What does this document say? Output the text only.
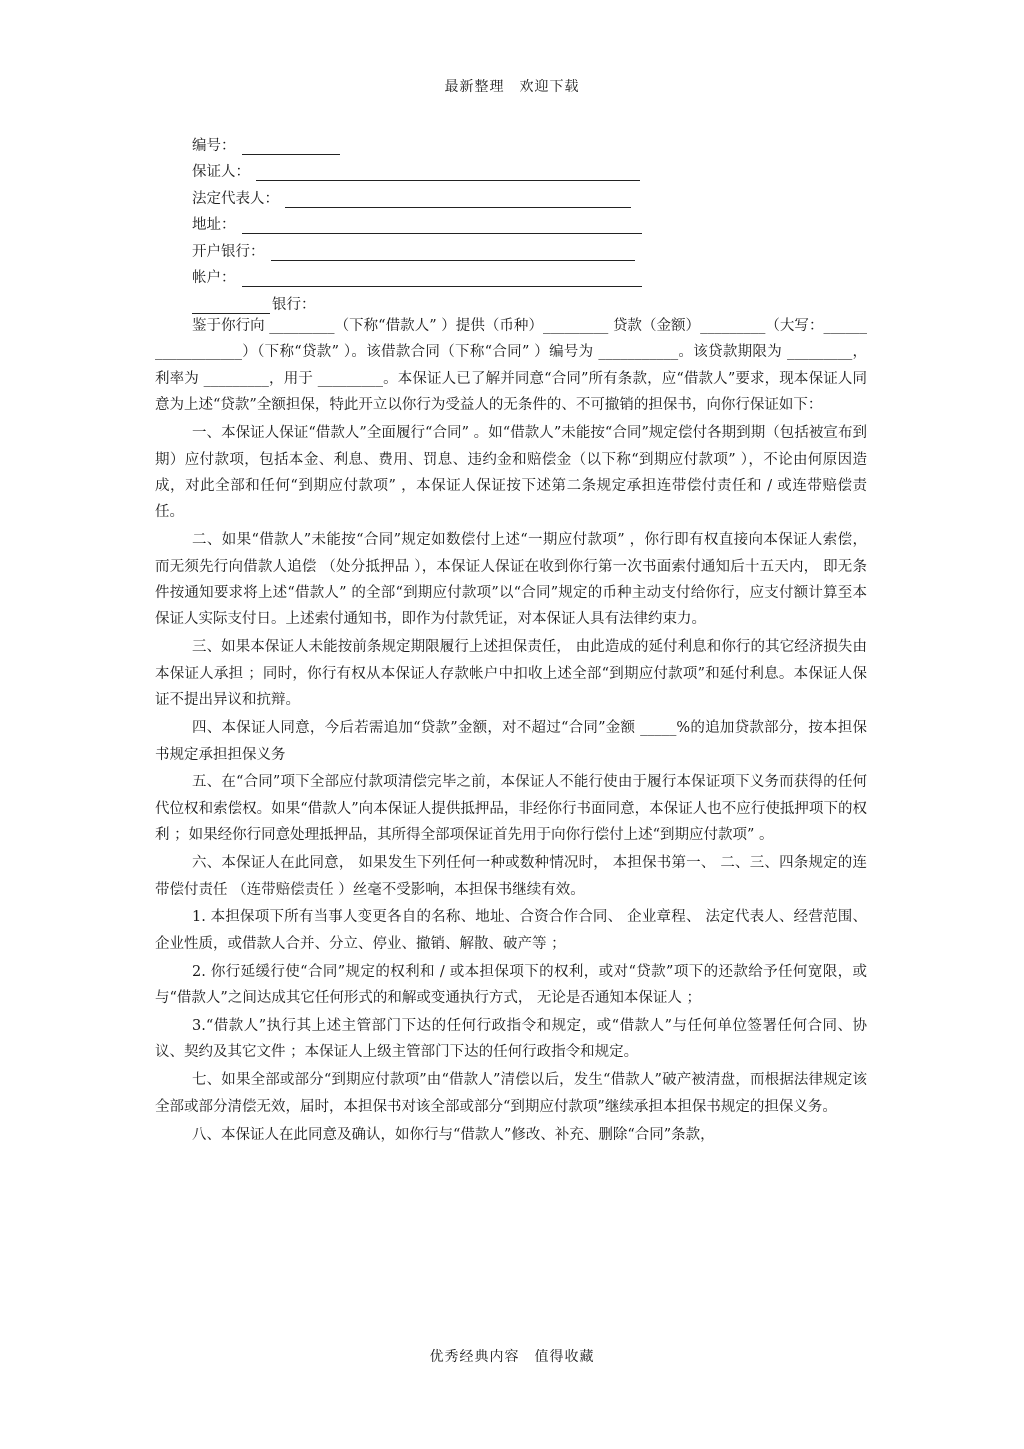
最新整理　欢迎下载
编号：
保证人：
法定代表人：
地址：
开户银行：
帐户：
银行：

鉴于你行向 _________（下称“借款人” ）提供（币种）_________ 贷款（金额）_________（大写：__________________）（下称“贷款” ）。该借款合同（下称“合同” ）编号为 ___________。该贷款期限为 _________，利率为 _________，用于 _________。本保证人已了解并同意“合同”所有条款，应“借款人”要求，现本保证人同意为上述“贷款”全额担保，特此开立以你行为受益人的无条件的、不可撤销的担保书，向你行保证如下：

一、本保证人保证“借款人”全面履行“合同” 。如“借款人”未能按“合同”规定偿付各期到期（包括被宣布到期）应付款项，包括本金、利息、费用、罚息、违约金和赔偿金（以下称“到期应付款项” ），不论由何原因造成，对此全部和任何“到期应付款项” ，本保证人保证按下述第二条规定承担连带偿付责任和 / 或连带赔偿责任。

二、如果“借款人”未能按“合同”规定如数偿付上述“一期应付款项” ，你行即有权直接向本保证人索偿， 而无须先行向借款人追偿 （处分抵押品 ），本保证人保证在收到你行第一次书面索付通知后十五天内， 即无条件按通知要求将上述“借款人” 的全部“到期应付款项”以“合同”规定的币种主动支付给你行，应支付额计算至本保证人实际支付日。上述索付通知书，即作为付款凭证，对本保证人具有法律约束力。

三、如果本保证人未能按前条规定期限履行上述担保责任， 由此造成的延付利息和你行的其它经济损失由本保证人承担 ；同时，你行有权从本保证人存款帐户中扣收上述全部“到期应付款项”和延付利息。本保证人保证不提出异议和抗辩。

四、本保证人同意，今后若需追加“贷款”金额，对不超过“合同”金额 _____%的追加贷款部分，按本担保书规定承担担保义务

五、在“合同”项下全部应付款项清偿完毕之前，本保证人不能行使由于履行本保证项下义务而获得的任何代位权和索偿权。如果“借款人”向本保证人提供抵押品，非经你行书面同意，本保证人也不应行使抵押项下的权利 ；如果经你行同意处理抵押品，其所得全部项保证首先用于向你行偿付上述“到期应付款项” 。

六、本保证人在此同意， 如果发生下列任何一种或数种情况时， 本担保书第一、 二、三、四条规定的连带偿付责任 （连带赔偿责任 ）丝毫不受影响，本担保书继续有效。

1. 本担保项下所有当事人变更各自的名称、地址、合资合作合同、 企业章程、 法定代表人、经营范围、企业性质，或借款人合并、分立、停业、撤销、解散、破产等 ；

2. 你行延缓行使“合同”规定的权利和 / 或本担保项下的权利，或对“贷款”项下的还款给予任何宽限，或与“借款人”之间达成其它任何形式的和解或变通执行方式， 无论是否通知本保证人 ；

3.“借款人”执行其上述主管部门下达的任何行政指令和规定，或“借款人”与任何单位签署任何合同、协议、契约及其它文件 ；本保证人上级主管部门下达的任何行政指令和规定。

七、如果全部或部分“到期应付款项”由“借款人”清偿以后，发生“借款人”破产被清盘，而根据法律规定该全部或部分清偿无效，届时，本担保书对该全部或部分“到期应付款项”继续承担本担保书规定的担保义务。

八、本保证人在此同意及确认，如你行与“借款人”修改、补充、删除“合同”条款，

优秀经典内容　值得收藏
